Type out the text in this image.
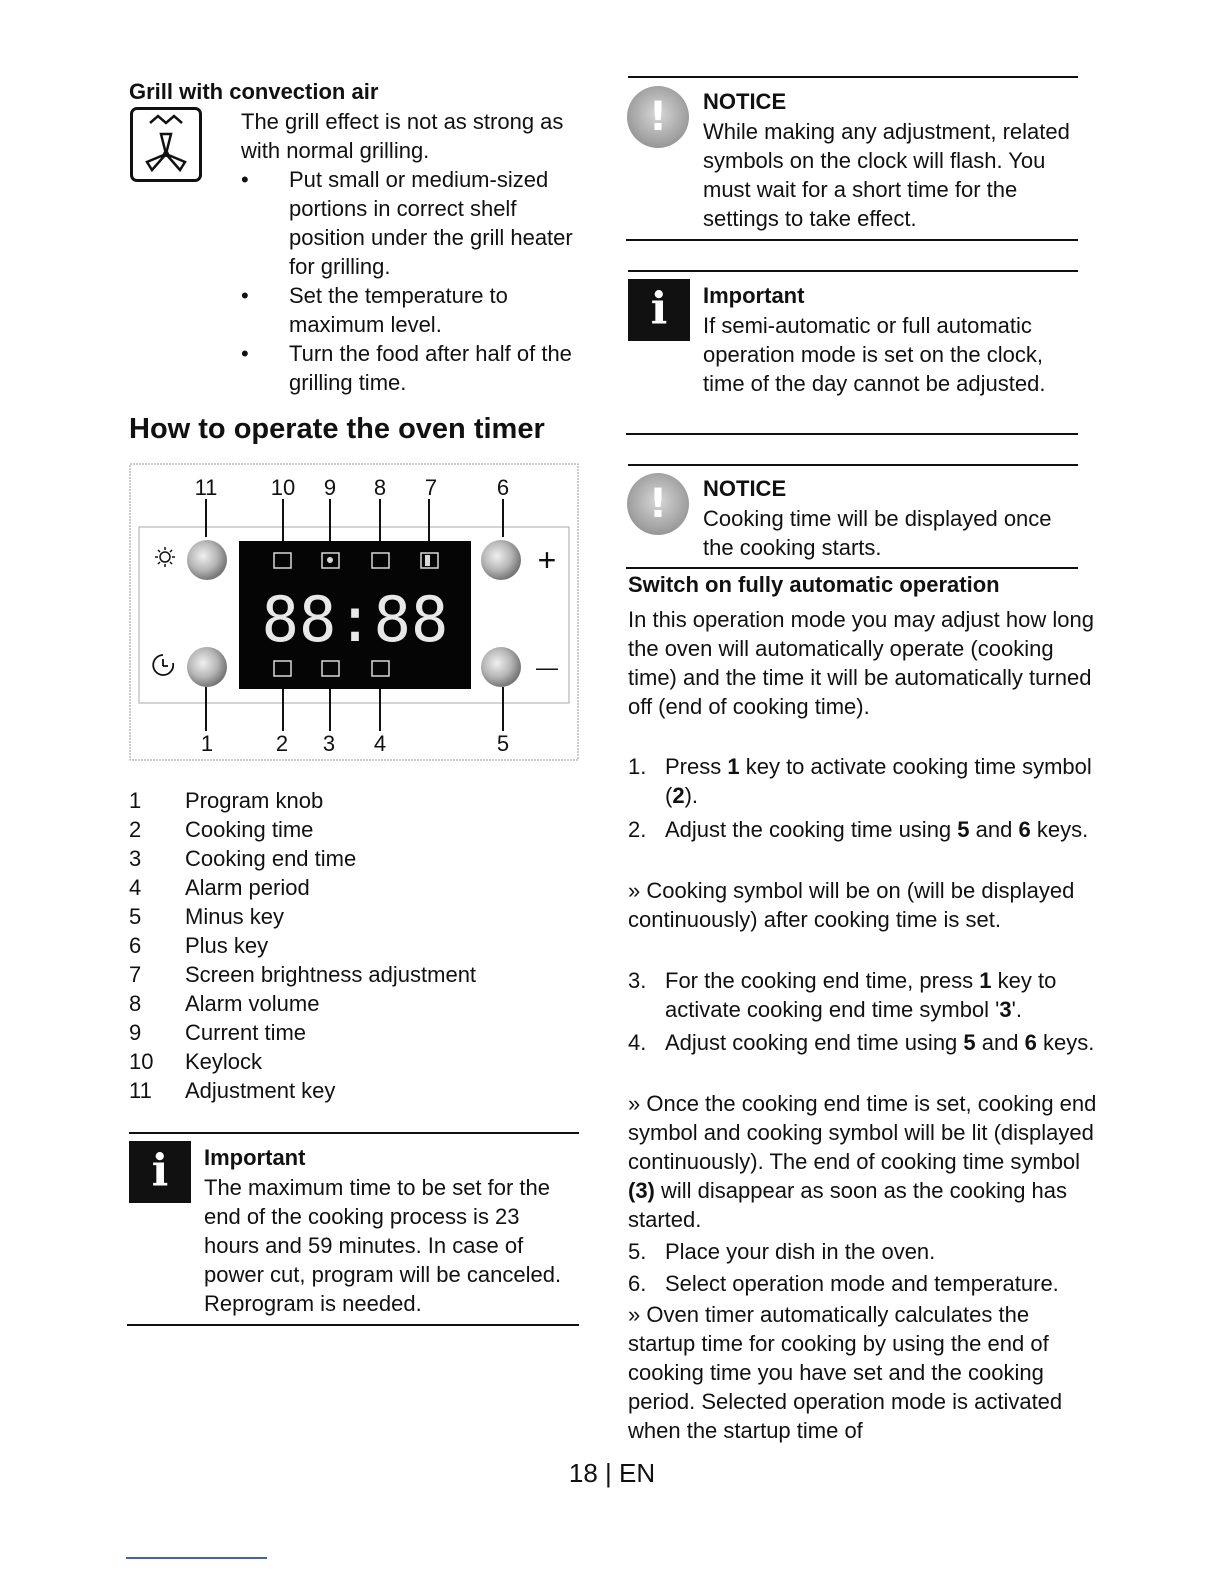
Grill with convection air
The grill effect is not as strong as with normal grilling.
• Put small or medium-sized portions in correct shelf position under the grill heater for grilling.
• Set the temperature to maximum level.
• Turn the food after half of the grilling time.
How to operate the oven timer
88:88
+
—
11 10 9 8 7	6
1	2 3 4	5
1 Program knob
2 Cooking time
3 Cooking end time
4 Alarm period
5 Minus key
6 Plus key
7 Screen brightness adjustment
8 Alarm volume
9 Current time
10 Keylock
11 Adjustment key
i Important
The maximum time to be set for the end of the cooking process is 23 hours and 59 minutes. In case of power cut, program will be canceled. Reprogram is needed.
! NOTICE
While making any adjustment, related symbols on the clock will flash. You must wait for a short time for the settings to take effect.
i Important
If semi-automatic or full automatic operation mode is set on the clock, time of the day cannot be adjusted.
! NOTICE
Cooking time will be displayed once the cooking starts.
Switch on fully automatic operation
In this operation mode you may adjust how long the oven will automatically operate (cooking time) and the time it will be automatically turned off (end of cooking time).
1. Press 1 key to activate cooking time symbol (2).
2. Adjust the cooking time using 5 and 6 keys.
» Cooking symbol will be on (will be displayed continuously) after cooking time is set.
3. For the cooking end time, press 1 key to activate cooking end time symbol '3'.
4. Adjust cooking end time using 5 and 6 keys.
» Once the cooking end time is set, cooking end symbol and cooking symbol will be lit (displayed continuously). The end of cooking time symbol (3) will disappear as soon as the cooking has started.
5. Place your dish in the oven.
6. Select operation mode and temperature.
» Oven timer automatically calculates the startup time for cooking by using the end of cooking time you have set and the cooking period. Selected operation mode is activated when the startup time of
18 | EN
